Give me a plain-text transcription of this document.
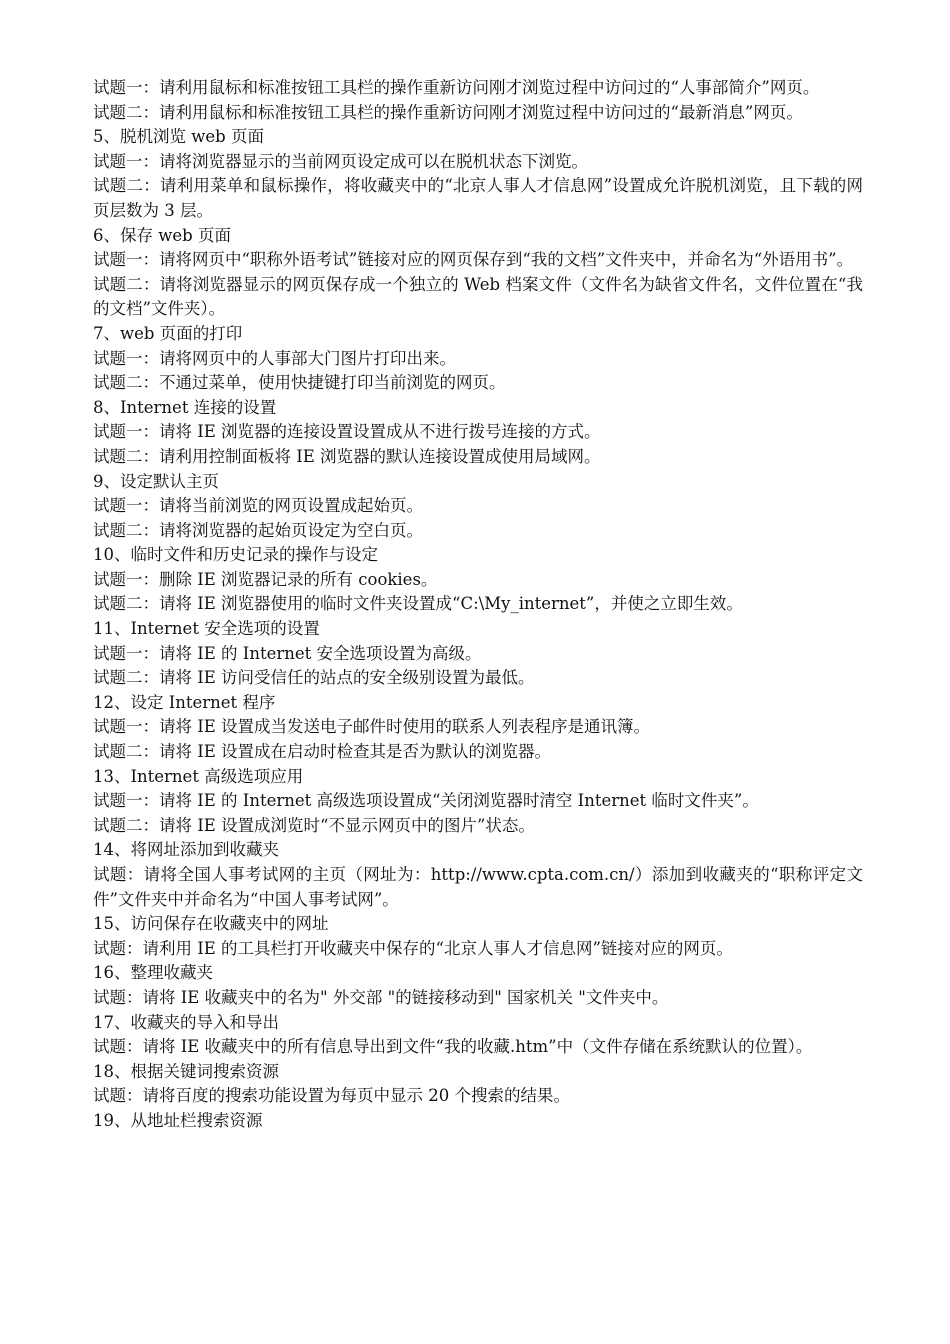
试题一：请利用鼠标和标准按钮工具栏的操作重新访问刚才浏览过程中访问过的“人事部简介”网页。

试题二：请利用鼠标和标准按钮工具栏的操作重新访问刚才浏览过程中访问过的“最新消息”网页。

5、脱机浏览 web 页面

试题一：请将浏览器显示的当前网页设定成可以在脱机状态下浏览。

试题二：请利用菜单和鼠标操作，将收藏夹中的“北京人事人才信息网”设置成允许脱机浏览，且下载的网页层数为 3 层。

6、保存 web 页面

试题一：请将网页中“职称外语考试”链接对应的网页保存到“我的文档”文件夹中，并命名为“外语用书”。

试题二：请将浏览器显示的网页保存成一个独立的 Web 档案文件（文件名为缺省文件名，文件位置在“我的文档”文件夹）。

7、web 页面的打印

试题一：请将网页中的人事部大门图片打印出来。

试题二：不通过菜单，使用快捷键打印当前浏览的网页。

8、Internet 连接的设置

试题一：请将 IE 浏览器的连接设置设置成从不进行拨号连接的方式。

试题二：请利用控制面板将 IE 浏览器的默认连接设置成使用局域网。

9、设定默认主页

试题一：请将当前浏览的网页设置成起始页。

试题二：请将浏览器的起始页设定为空白页。

10、临时文件和历史记录的操作与设定

试题一：删除 IE 浏览器记录的所有 cookies。

试题二：请将 IE 浏览器使用的临时文件夹设置成“C:\My_internet”，并使之立即生效。

11、Internet 安全选项的设置

试题一：请将 IE 的 Internet 安全选项设置为高级。

试题二：请将 IE 访问受信任的站点的安全级别设置为最低。

12、设定 Internet 程序

试题一：请将 IE 设置成当发送电子邮件时使用的联系人列表程序是通讯簿。

试题二：请将 IE 设置成在启动时检查其是否为默认的浏览器。

13、Internet 高级选项应用

试题一：请将 IE 的 Internet 高级选项设置成“关闭浏览器时清空 Internet 临时文件夹”。

试题二：请将 IE 设置成浏览时“不显示网页中的图片”状态。

14、将网址添加到收藏夹

试题：请将全国人事考试网的主页（网址为：http://www.cpta.com.cn/）添加到收藏夹的“职称评定文件”文件夹中并命名为“中国人事考试网”。

15、访问保存在收藏夹中的网址

试题：请利用 IE 的工具栏打开收藏夹中保存的“北京人事人才信息网”链接对应的网页。

16、整理收藏夹

试题：请将 IE 收藏夹中的名为" 外交部 "的链接移动到" 国家机关 "文件夹中。

17、收藏夹的导入和导出

试题：请将 IE 收藏夹中的所有信息导出到文件“我的收藏.htm”中（文件存储在系统默认的位置）。

18、根据关键词搜索资源

试题：请将百度的搜索功能设置为每页中显示 20 个搜索的结果。

19、从地址栏搜索资源
